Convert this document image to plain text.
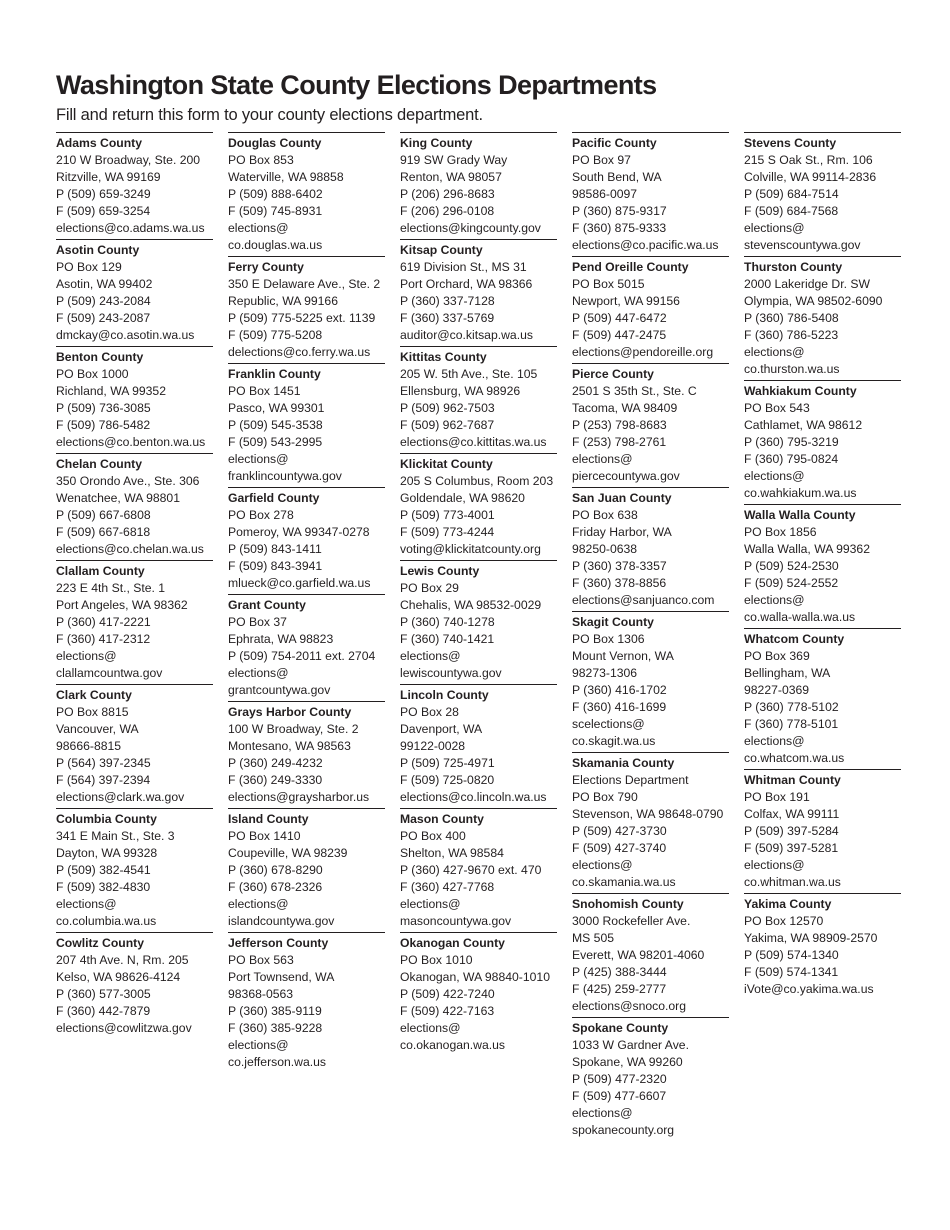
Washington State County Elections Departments

Fill and return this form to your county elections department.

Adams County
210 W Broadway, Ste. 200
Ritzville, WA 99169
P (509) 659-3249
F (509) 659-3254
elections@co.adams.wa.us
Asotin County
PO Box 129
Asotin, WA 99402
P (509) 243-2084
F (509) 243-2087
dmckay@co.asotin.wa.us
Benton County
PO Box 1000
Richland, WA 99352
P (509) 736-3085
F (509) 786-5482
elections@co.benton.wa.us
Chelan County
350 Orondo Ave., Ste. 306
Wenatchee, WA 98801
P (509) 667-6808
F (509) 667-6818
elections@co.chelan.wa.us
Clallam County
223 E 4th St., Ste. 1
Port Angeles, WA 98362
P (360) 417-2221
F (360) 417-2312
elections@
clallamcountwa.gov
Clark County
PO Box 8815
Vancouver, WA
98666-8815
P (564) 397-2345
F (564) 397-2394
elections@clark.wa.gov
Columbia County
341 E Main St., Ste. 3
Dayton, WA 99328
P (509) 382-4541
F (509) 382-4830
elections@
co.columbia.wa.us
Cowlitz County
207 4th Ave. N, Rm. 205
Kelso, WA 98626-4124
P (360) 577-3005
F (360) 442-7879
elections@cowlitzwa.gov
Douglas County
PO Box 853
Waterville, WA 98858
P (509) 888-6402
F (509) 745-8931
elections@
co.douglas.wa.us
Ferry County
350 E Delaware Ave., Ste. 2
Republic, WA 99166
P (509) 775-5225 ext. 1139
F (509) 775-5208
delections@co.ferry.wa.us
Franklin County
PO Box 1451
Pasco, WA 99301
P (509) 545-3538
F (509) 543-2995
elections@
franklincountywa.gov
Garfield County
PO Box 278
Pomeroy, WA 99347-0278
P (509) 843-1411
F (509) 843-3941
mlueck@co.garfield.wa.us
Grant County
PO Box 37
Ephrata, WA 98823
P (509) 754-2011 ext. 2704
elections@
grantcountywa.gov
Grays Harbor County
100 W Broadway, Ste. 2
Montesano, WA 98563
P (360) 249-4232
F (360) 249-3330
elections@graysharbor.us
Island County
PO Box 1410
Coupeville, WA 98239
P (360) 678-8290
F (360) 678-2326
elections@
islandcountywa.gov
Jefferson County
PO Box 563
Port Townsend, WA
98368-0563
P (360) 385-9119
F (360) 385-9228
elections@
co.jefferson.wa.us
King County
919 SW Grady Way
Renton, WA 98057
P (206) 296-8683
F (206) 296-0108
elections@kingcounty.gov
Kitsap County
619 Division St., MS 31
Port Orchard, WA 98366
P (360) 337-7128
F (360) 337-5769
auditor@co.kitsap.wa.us
Kittitas County
205 W. 5th Ave., Ste. 105
Ellensburg, WA 98926
P (509) 962-7503
F (509) 962-7687
elections@co.kittitas.wa.us
Klickitat County
205 S Columbus, Room 203
Goldendale, WA 98620
P (509) 773-4001
F (509) 773-4244
voting@klickitatcounty.org
Lewis County
PO Box 29
Chehalis, WA 98532-0029
P (360) 740-1278
F (360) 740-1421
elections@
lewiscountywa.gov
Lincoln County
PO Box 28
Davenport, WA
99122-0028
P (509) 725-4971
F (509) 725-0820
elections@co.lincoln.wa.us
Mason County
PO Box 400
Shelton, WA 98584
P (360) 427-9670 ext. 470
F (360) 427-7768
elections@
masoncountywa.gov
Okanogan County
PO Box 1010
Okanogan, WA 98840-1010
P (509) 422-7240
F (509) 422-7163
elections@
co.okanogan.wa.us
Pacific County
PO Box 97
South Bend, WA
98586-0097
P (360) 875-9317
F (360) 875-9333
elections@co.pacific.wa.us
Pend Oreille County
PO Box 5015
Newport, WA 99156
P (509) 447-6472
F (509) 447-2475
elections@pendoreille.org
Pierce County
2501 S 35th St., Ste. C
Tacoma, WA 98409
P (253) 798-8683
F (253) 798-2761
elections@
piercecountywa.gov
San Juan County
PO Box 638
Friday Harbor, WA
98250-0638
P (360) 378-3357
F (360) 378-8856
elections@sanjuanco.com
Skagit County
PO Box 1306
Mount Vernon, WA
98273-1306
P (360) 416-1702
F (360) 416-1699
scelections@
co.skagit.wa.us
Skamania County
Elections Department
PO Box 790
Stevenson, WA 98648-0790
P (509) 427-3730
F (509) 427-3740
elections@
co.skamania.wa.us
Snohomish County
3000 Rockefeller Ave.
MS 505
Everett, WA 98201-4060
P (425) 388-3444
F (425) 259-2777
elections@snoco.org
Spokane County
1033 W Gardner Ave.
Spokane, WA 99260
P (509) 477-2320
F (509) 477-6607
elections@
spokanecounty.org
Stevens County
215 S Oak St., Rm. 106
Colville, WA 99114-2836
P (509) 684-7514
F (509) 684-7568
elections@
stevenscountywa.gov
Thurston County
2000 Lakeridge Dr. SW
Olympia, WA 98502-6090
P (360) 786-5408
F (360) 786-5223
elections@
co.thurston.wa.us
Wahkiakum County
PO Box 543
Cathlamet, WA 98612
P (360) 795-3219
F (360) 795-0824
elections@
co.wahkiakum.wa.us
Walla Walla County
PO Box 1856
Walla Walla, WA 99362
P (509) 524-2530
F (509) 524-2552
elections@
co.walla-walla.wa.us
Whatcom County
PO Box 369
Bellingham, WA
98227-0369
P (360) 778-5102
F (360) 778-5101
elections@
co.whatcom.wa.us
Whitman County
PO Box 191
Colfax, WA 99111
P (509) 397-5284
F (509) 397-5281
elections@
co.whitman.wa.us
Yakima County
PO Box 12570
Yakima, WA 98909-2570
P (509) 574-1340
F (509) 574-1341
iVote@co.yakima.wa.us
